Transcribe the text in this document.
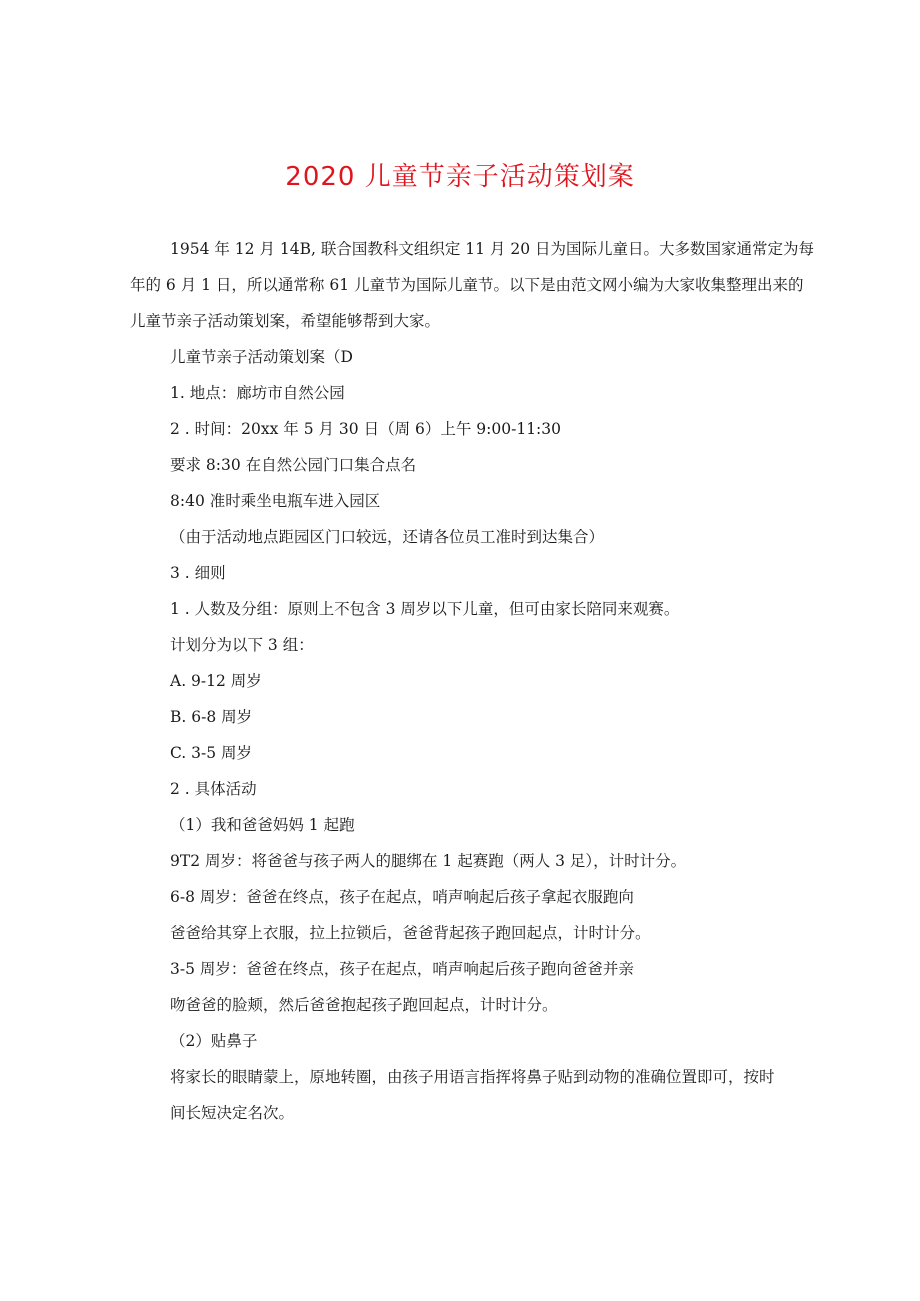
2020 儿童节亲子活动策划案
1954 年 12 月 14B, 联合国教科文组织定 11 月 20 日为国际儿童日。大多数国家通常定为每
年的 6 月 1 日，所以通常称 61 儿童节为国际儿童节。以下是由范文网小编为大家收集整理出来的
儿童节亲子活动策划案，希望能够帮到大家。
儿童节亲子活动策划案（D
1. 地点：廊坊市自然公园
2 . 时间：20xx 年 5 月 30 日（周 6）上午 9:00-11:30
要求 8:30 在自然公园门口集合点名
8:40 准时乘坐电瓶车进入园区
（由于活动地点距园区门口较远，还请各位员工准时到达集合）
3 . 细则
1 . 人数及分组：原则上不包含 3 周岁以下儿童，但可由家长陪同来观赛。
计划分为以下 3 组：
A. 9-12 周岁
B. 6-8 周岁
C. 3-5 周岁
2 . 具体活动
（1）我和爸爸妈妈 1 起跑
9T2 周岁：将爸爸与孩子两人的腿绑在 1 起赛跑（两人 3 足），计时计分。
6-8 周岁：爸爸在终点，孩子在起点，哨声响起后孩子拿起衣服跑向
爸爸给其穿上衣服，拉上拉锁后，爸爸背起孩子跑回起点，计时计分。
3-5 周岁：爸爸在终点，孩子在起点，哨声响起后孩子跑向爸爸并亲
吻爸爸的脸颊，然后爸爸抱起孩子跑回起点，计时计分。
（2）贴鼻子
将家长的眼睛蒙上，原地转圈，由孩子用语言指挥将鼻子贴到动物的准确位置即可，按时
间长短决定名次。
